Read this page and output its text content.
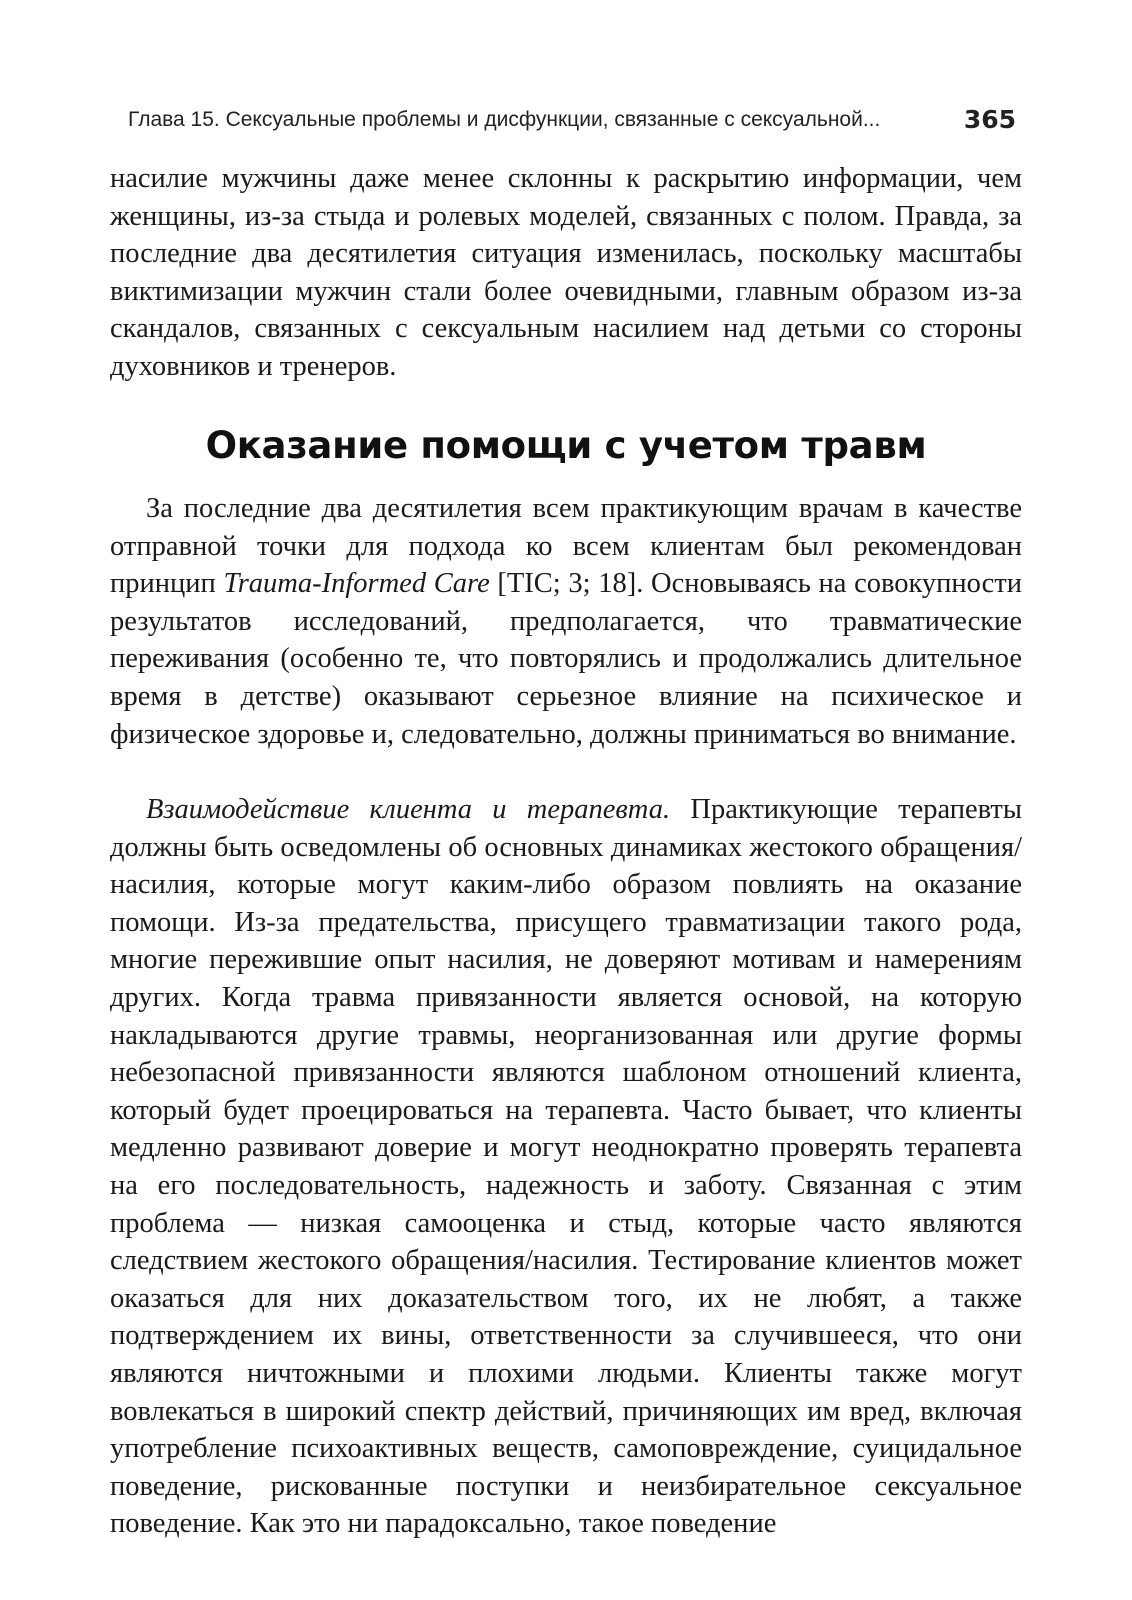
Глава 15. Сексуальные проблемы и дисфункции, связанные с сексуальной...	365
насилие мужчины даже менее склонны к раскрытию информации, чем женщины, из-за стыда и ролевых моделей, связанных с полом. Правда, за последние два десятилетия ситуация изменилась, поскольку масштабы виктимизации мужчин стали более очевидными, главным образом из-за скандалов, связанных с сексуальным насилием над детьми со стороны духовников и тренеров.
Оказание помощи с учетом травм
За последние два десятилетия всем практикующим врачам в качестве отправной точки для подхода ко всем клиентам был рекомендован принцип Trauma-Informed Care [TIC; 3; 18]. Основываясь на совокупности результатов исследований, предполагается, что травматические переживания (особенно те, что повторялись и продолжались длительное время в детстве) оказывают серьезное влияние на психическое и физическое здоровье и, следовательно, должны приниматься во внимание.
Взаимодействие клиента и терапевта. Практикующие терапевты должны быть осведомлены об основных динамиках жестокого обращения/насилия, которые могут каким-либо образом повлиять на оказание помощи. Из-за предательства, присущего травматизации такого рода, многие пережившие опыт насилия, не доверяют мотивам и намерениям других. Когда травма привязанности является основой, на которую накладываются другие травмы, неорганизованная или другие формы небезопасной привязанности являются шаблоном отношений клиента, который будет проецироваться на терапевта. Часто бывает, что клиенты медленно развивают доверие и могут неоднократно проверять терапевта на его последовательность, надежность и заботу. Связанная с этим проблема — низкая самооценка и стыд, которые часто являются следствием жестокого обращения/насилия. Тестирование клиентов может оказаться для них доказательством того, их не любят, а также подтверждением их вины, ответственности за случившееся, что они являются ничтожными и плохими людьми. Клиенты также могут вовлекаться в широкий спектр действий, причиняющих им вред, включая употребление психоактивных веществ, самоповреждение, суицидальное поведение, рискованные поступки и неизбирательное сексуальное поведение. Как это ни парадоксально, такое поведение
